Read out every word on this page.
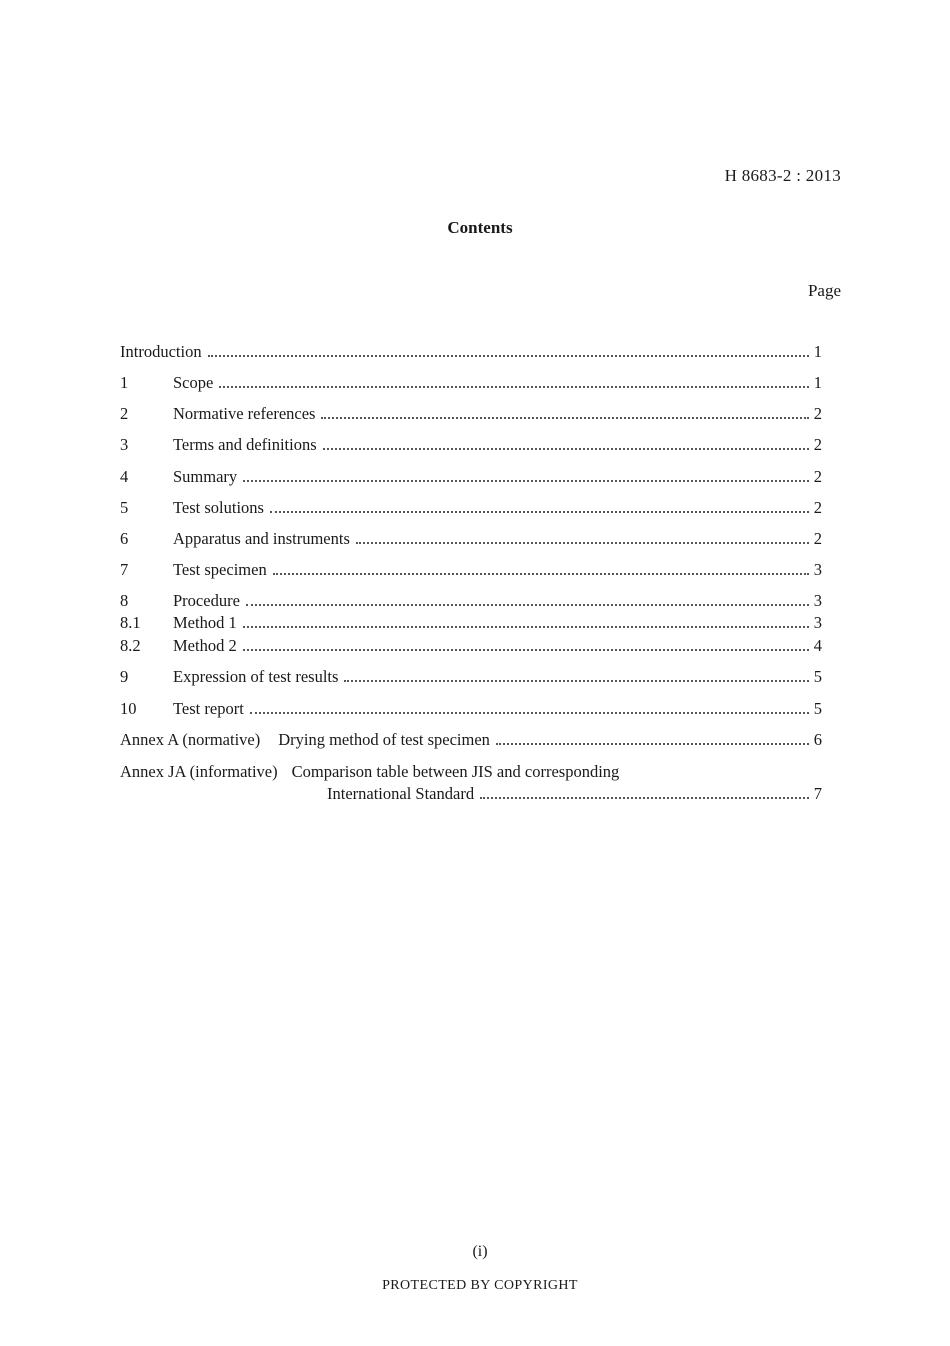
H 8683-2 : 2013
Contents
Page
Introduction	1
1	Scope	1
2	Normative references	2
3	Terms and definitions	2
4	Summary	2
5	Test solutions	2
6	Apparatus and instruments	2
7	Test specimen	3
8	Procedure	3
8.1	Method 1	3
8.2	Method 2	4
9	Expression of test results	5
10	Test report	5
Annex A (normative) Drying method of test specimen	6
Annex JA (informative) Comparison table between JIS and corresponding
International Standard	7
(i)
PROTECTED BY COPYRIGHT
